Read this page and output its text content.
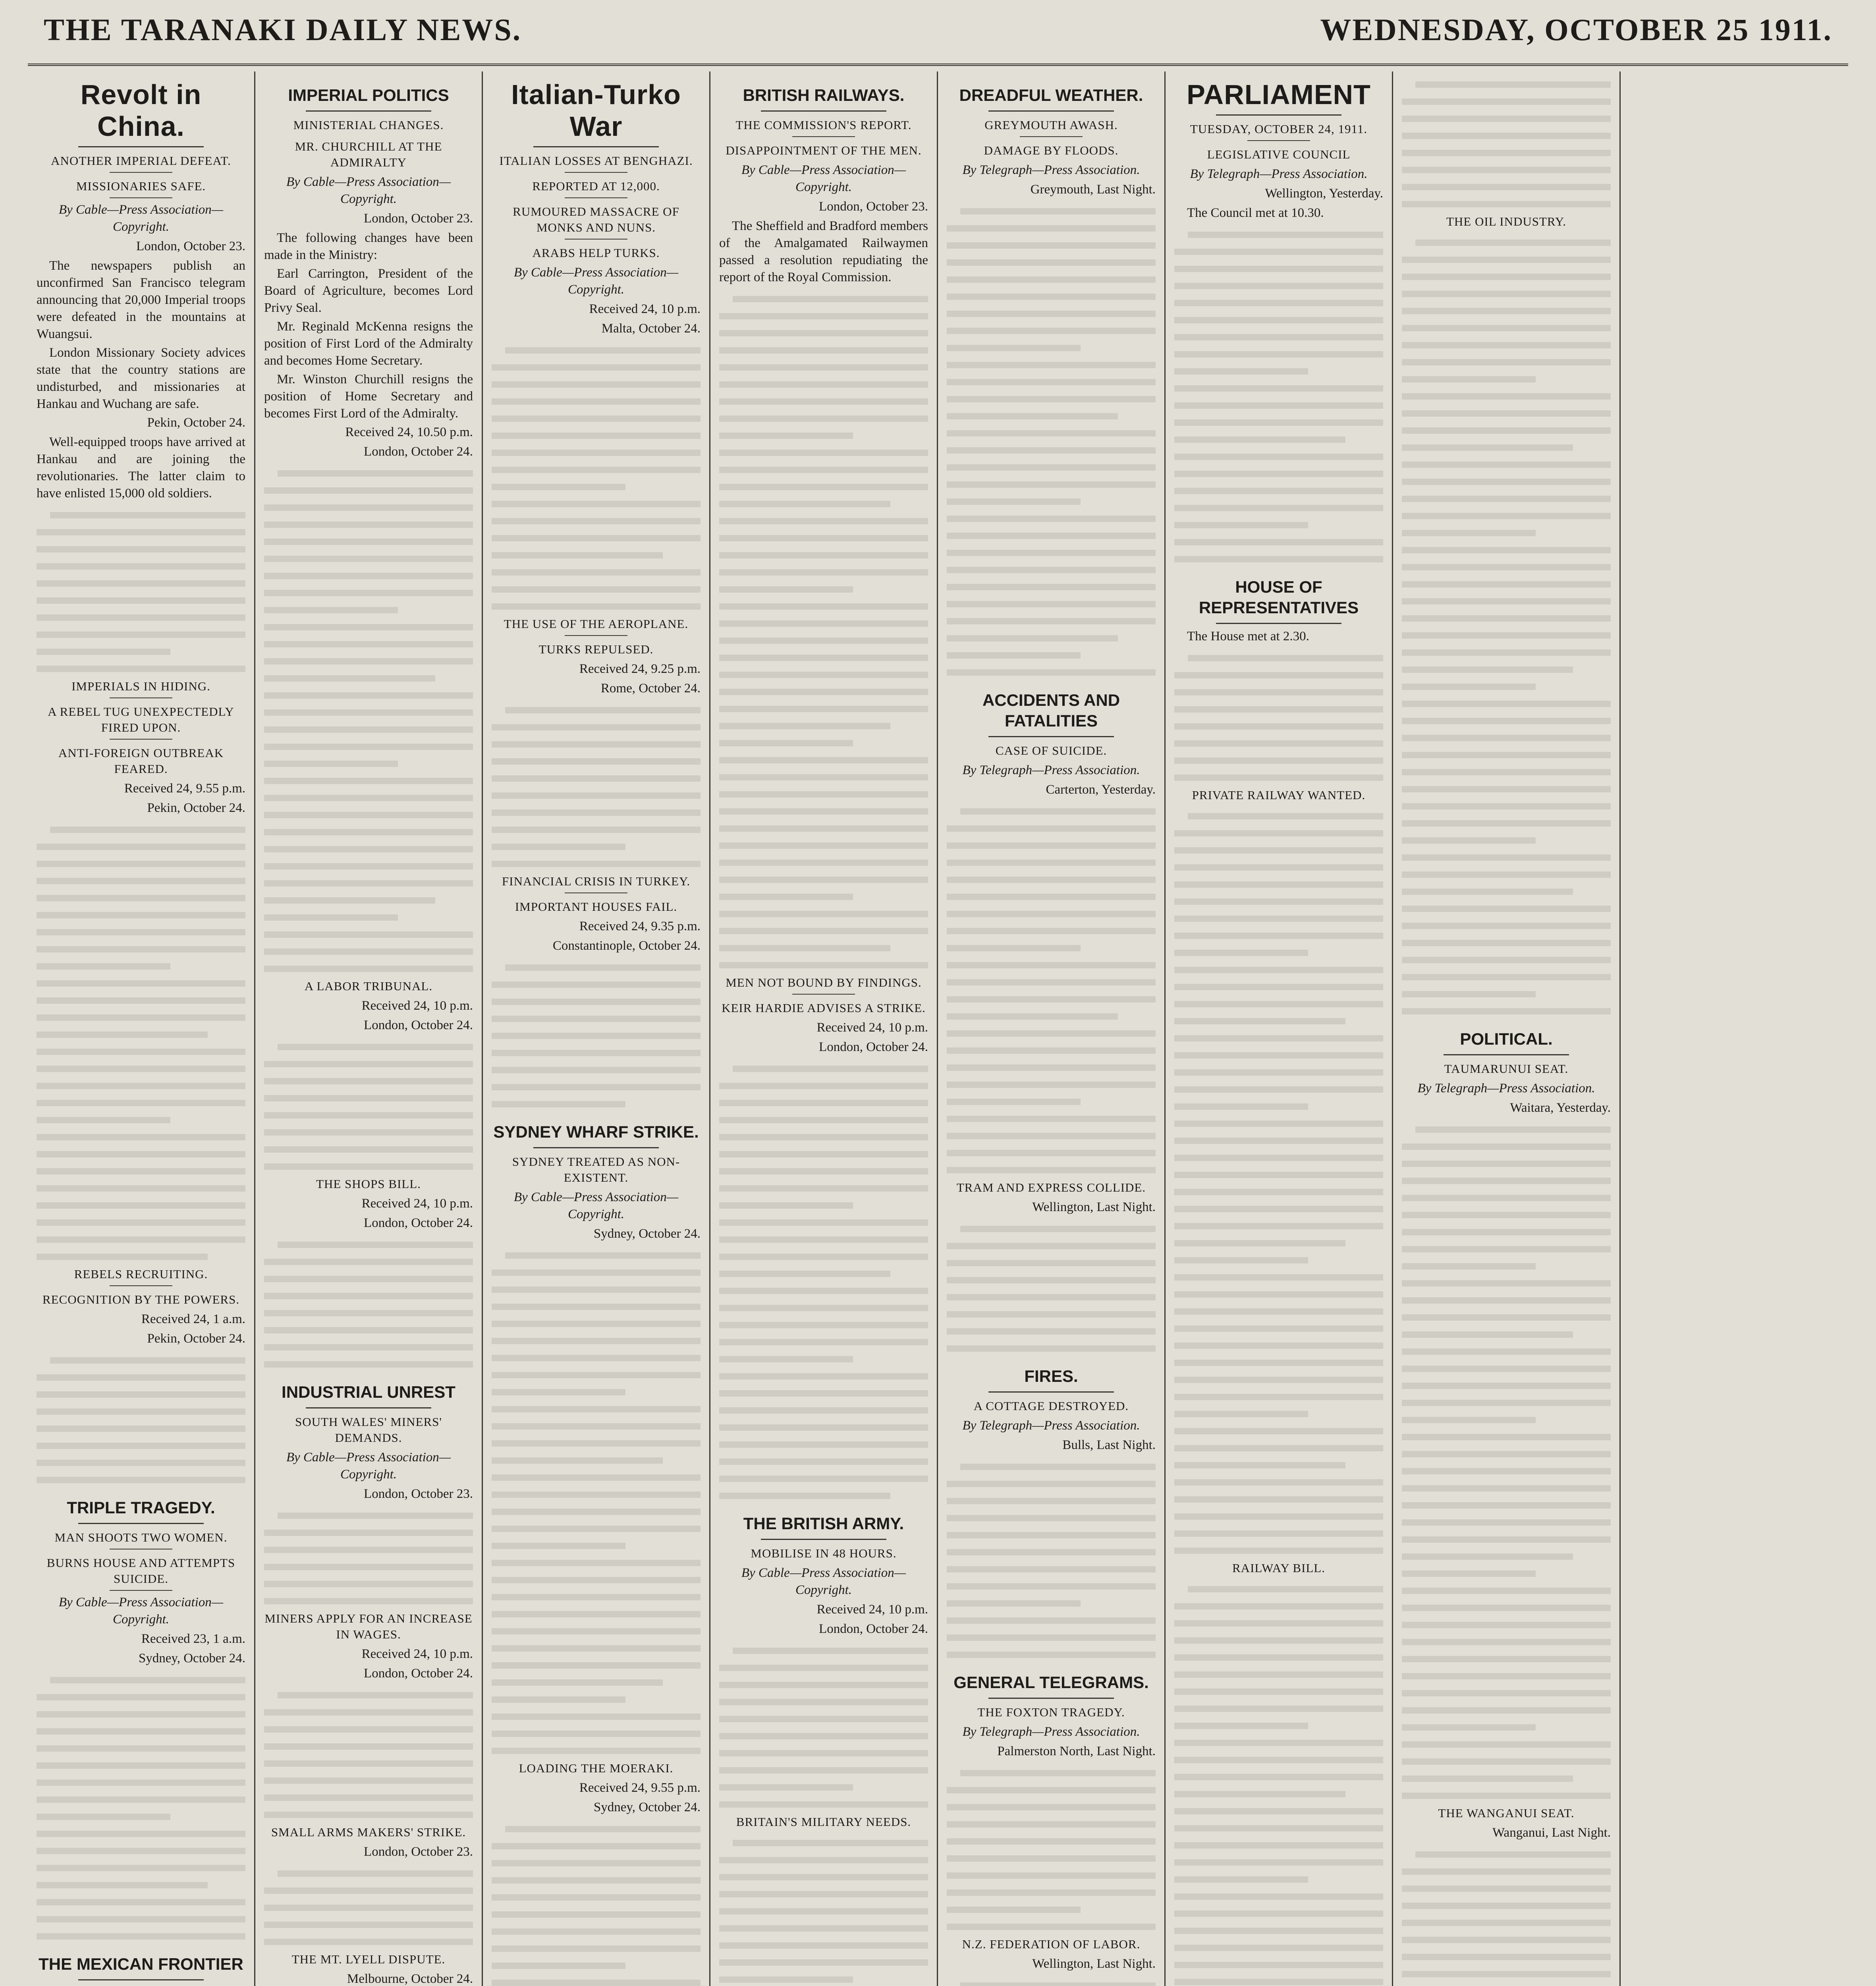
THE TARANAKI DAILY NEWS.	WEDNESDAY, OCTOBER 25 1911.
Revolt in China.
ANOTHER IMPERIAL DEFEAT.
MISSIONARIES SAFE.
By Cable—Press Association—Copyright.
London, October 23.
The newspapers publish an unconfirmed San Francisco telegram announcing that 20,000 Imperial troops were defeated in the mountains at Wuangsui.
London Missionary Society advices state that the country stations are undisturbed, and missionaries at Hankau and Wuchang are safe.
Pekin, October 24.
Well-equipped troops have arrived at Hankau and are joining the revolutionaries. The latter claim to have enlisted 15,000 old soldiers.
IMPERIALS IN HIDING.
A REBEL TUG UNEXPECTEDLY FIRED UPON.
ANTI-FOREIGN OUTBREAK FEARED.
Received 24, 9.55 p.m.
Pekin, October 24.
REBELS RECRUITING.
RECOGNITION BY THE POWERS.
Received 24, 1 a.m.
Pekin, October 24.
TRIPLE TRAGEDY.
MAN SHOOTS TWO WOMEN.
BURNS HOUSE AND ATTEMPTS SUICIDE.
By Cable—Press Association—Copyright.
Received 23, 1 a.m.
Sydney, October 24.
THE MEXICAN FRONTIER
IMPERIAL POLITICS
MINISTERIAL CHANGES.
MR. CHURCHILL AT THE ADMIRALTY
By Cable—Press Association—Copyright.
London, October 23.
The following changes have been made in the Ministry:
Earl Carrington, President of the Board of Agriculture, becomes Lord Privy Seal.
Mr. Reginald McKenna resigns the position of First Lord of the Admiralty and becomes Home Secretary.
Mr. Winston Churchill resigns the position of Home Secretary and becomes First Lord of the Admiralty.
Received 24, 10.50 p.m.
London, October 24.
A LABOR TRIBUNAL.
Received 24, 10 p.m.
London, October 24.
THE SHOPS BILL.
Received 24, 10 p.m.
London, October 24.
INDUSTRIAL UNREST
SOUTH WALES' MINERS' DEMANDS.
By Cable—Press Association—Copyright.
London, October 23.
MINERS APPLY FOR AN INCREASE IN WAGES.
Received 24, 10 p.m.
London, October 24.
SMALL ARMS MAKERS' STRIKE.
London, October 23.
THE MT. LYELL DISPUTE.
Melbourne, October 24.
Italian-Turko War
ITALIAN LOSSES AT BENGHAZI.
REPORTED AT 12,000.
RUMOURED MASSACRE OF MONKS AND NUNS.
ARABS HELP TURKS.
By Cable—Press Association—Copyright.
Received 24, 10 p.m.
Malta, October 24.
THE USE OF THE AEROPLANE.
TURKS REPULSED.
Received 24, 9.25 p.m.
Rome, October 24.
FINANCIAL CRISIS IN TURKEY.
IMPORTANT HOUSES FAIL.
Received 24, 9.35 p.m.
Constantinople, October 24.
SYDNEY WHARF STRIKE.
SYDNEY TREATED AS NON-EXISTENT.
By Cable—Press Association—Copyright.
Sydney, October 24.
LOADING THE MOERAKI.
Received 24, 9.55 p.m.
Sydney, October 24.
BRITISH RAILWAYS.
THE COMMISSION'S REPORT.
DISAPPOINTMENT OF THE MEN.
By Cable—Press Association—Copyright.
London, October 23.
The Sheffield and Bradford members of the Amalgamated Railwaymen passed a resolution repudiating the report of the Royal Commission.
MEN NOT BOUND BY FINDINGS.
KEIR HARDIE ADVISES A STRIKE.
Received 24, 10 p.m.
London, October 24.
THE BRITISH ARMY.
MOBILISE IN 48 HOURS.
By Cable—Press Association—Copyright.
Received 24, 10 p.m.
London, October 24.
BRITAIN'S MILITARY NEEDS.
DREADFUL WEATHER.
GREYMOUTH AWASH.
DAMAGE BY FLOODS.
By Telegraph—Press Association.
Greymouth, Last Night.
ACCIDENTS AND FATALITIES
CASE OF SUICIDE.
By Telegraph—Press Association.
Carterton, Yesterday.
TRAM AND EXPRESS COLLIDE.
Wellington, Last Night.
FIRES.
A COTTAGE DESTROYED.
By Telegraph—Press Association.
Bulls, Last Night.
GENERAL TELEGRAMS.
THE FOXTON TRAGEDY.
By Telegraph—Press Association.
Palmerston North, Last Night.
N.Z. FEDERATION OF LABOR.
Wellington, Last Night.
PARLIAMENT
TUESDAY, OCTOBER 24, 1911.
LEGISLATIVE COUNCIL
By Telegraph—Press Association.
Wellington, Yesterday.
The Council met at 10.30.
HOUSE OF REPRESENTATIVES
The House met at 2.30.
PRIVATE RAILWAY WANTED.
RAILWAY BILL.
THE OIL INDUSTRY.
POLITICAL.
TAUMARUNUI SEAT.
By Telegraph—Press Association.
Waitara, Yesterday.
THE WANGANUI SEAT.
Wanganui, Last Night.
